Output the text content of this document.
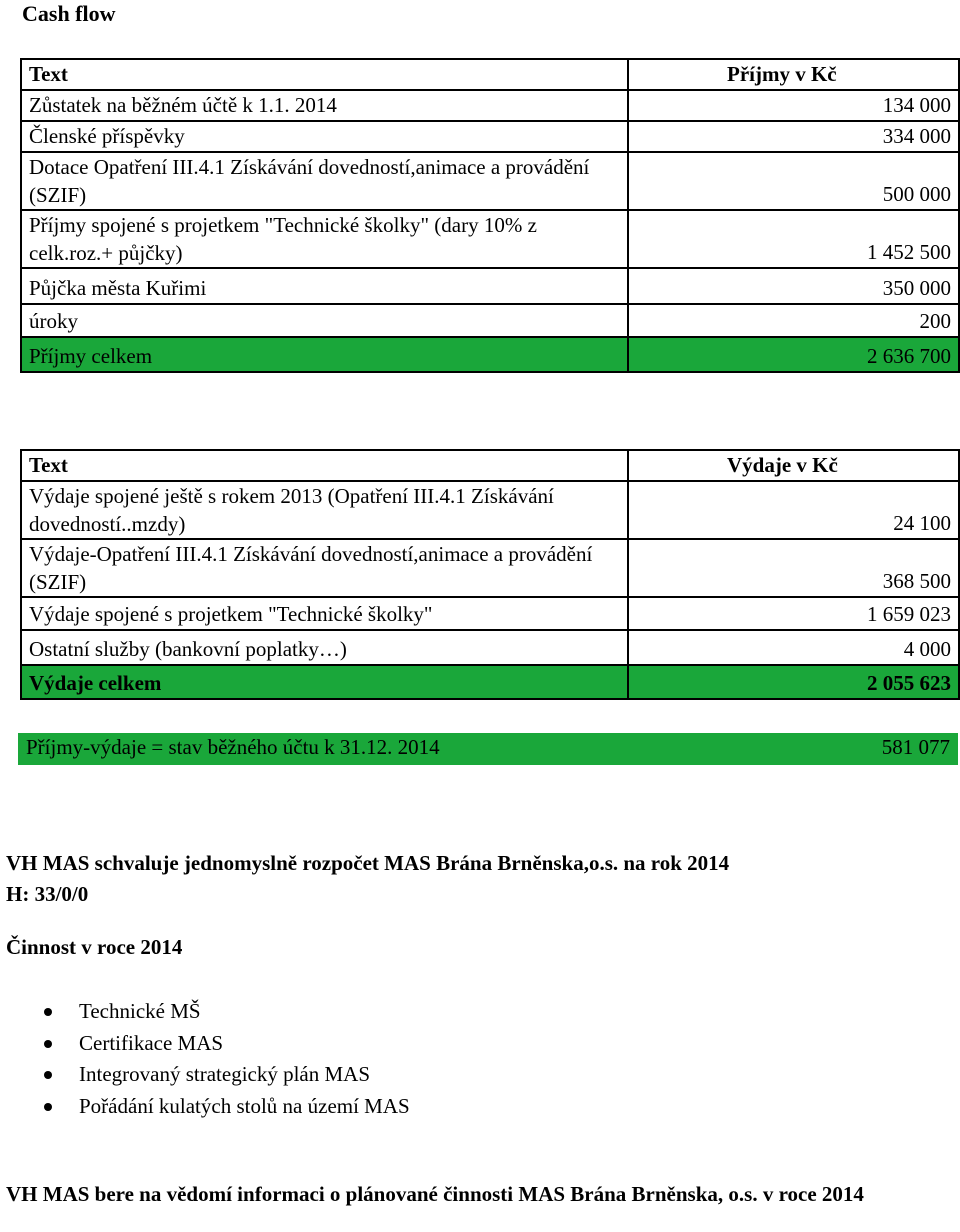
Cash flow
Text	Příjmy v Kč
Zůstatek na běžném účtě k 1.1. 2014	134 000
Členské příspěvky	334 000
Dotace Opatření III.4.1 Získávání dovedností,animace a provádění (SZIF)	500 000
Příjmy spojené s projetkem "Technické školky" (dary 10% z celk.roz.+ půjčky)	1 452 500
Půjčka města Kuřimi	350 000
úroky	200
Příjmy celkem	2 636 700
Text	Výdaje v Kč
Výdaje spojené ještě s rokem 2013 (Opatření III.4.1 Získávání dovedností..mzdy)	24 100
Výdaje-Opatření III.4.1 Získávání dovedností,animace a provádění (SZIF)	368 500
Výdaje spojené s projetkem "Technické školky"	1 659 023
Ostatní služby (bankovní poplatky…)	4 000
Výdaje celkem	2 055 623
Příjmy-výdaje = stav běžného účtu k 31.12. 2014	581 077
VH MAS schvaluje jednomyslně rozpočet MAS Brána Brněnska,o.s. na rok 2014
H: 33/0/0
Činnost v roce 2014
Technické MŠ
Certifikace MAS
Integrovaný strategický plán MAS
Pořádání kulatých stolů na území MAS
VH MAS bere na vědomí informaci o plánované činnosti MAS Brána Brněnska, o.s. v roce 2014
